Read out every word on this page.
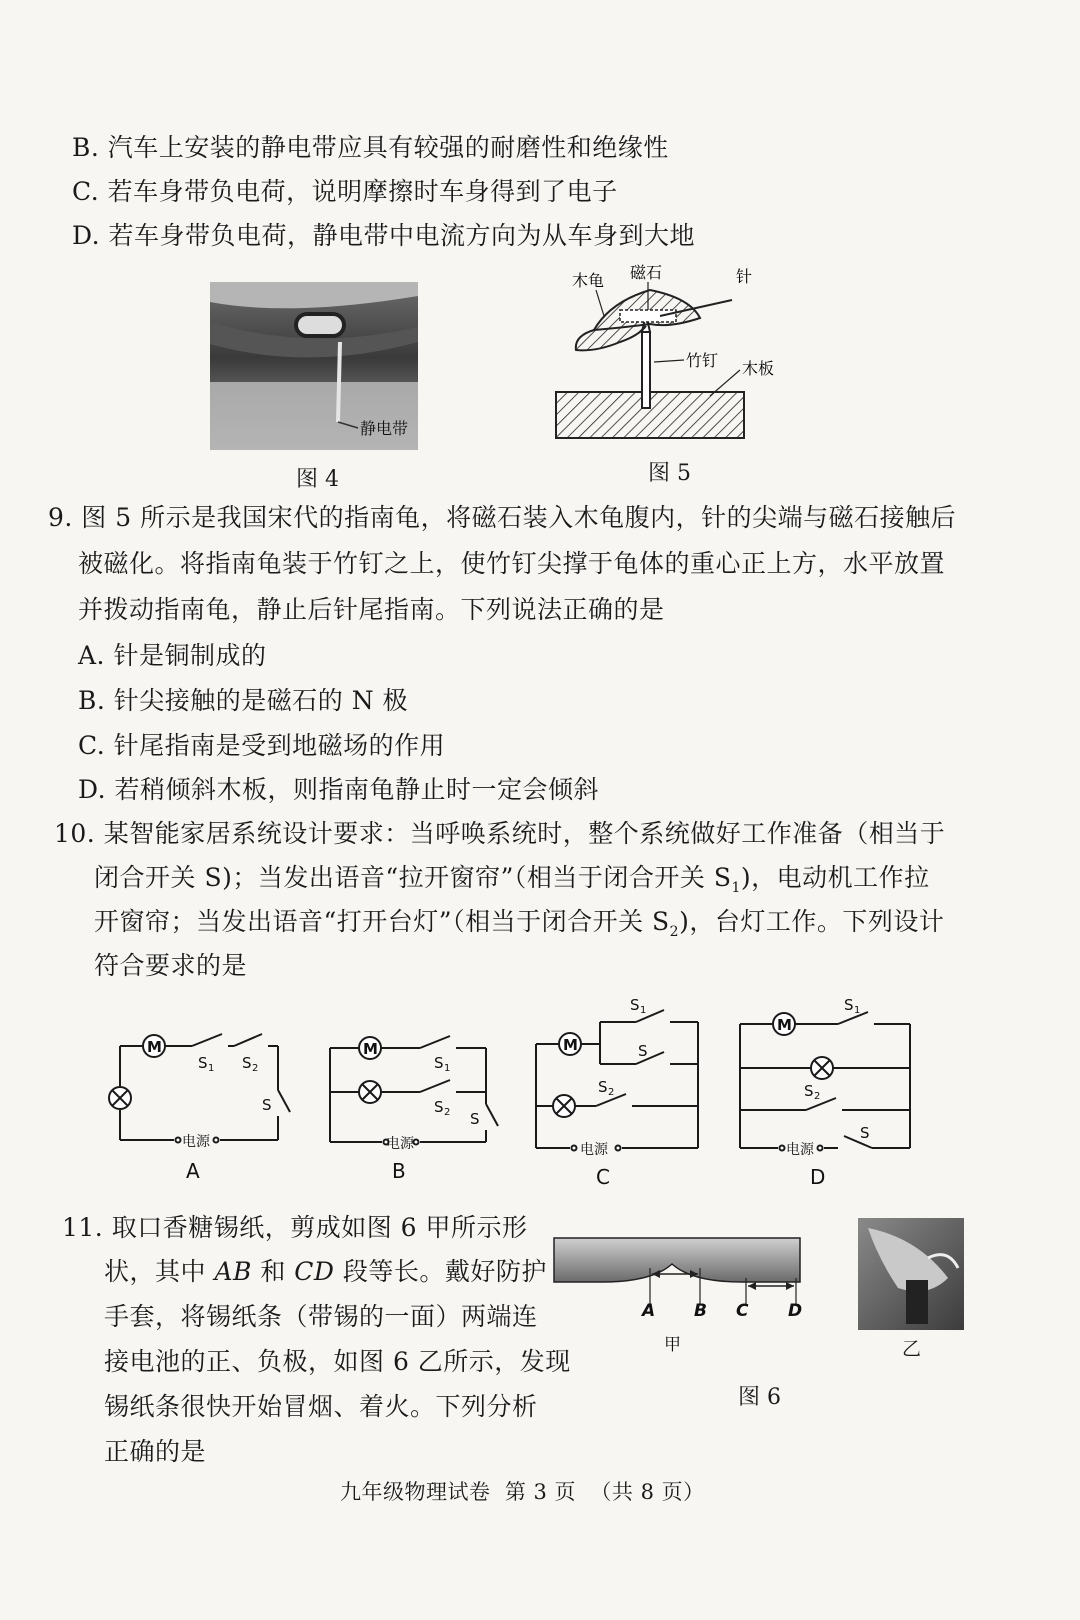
B. 汽车上安装的静电带应具有较强的耐磨性和绝缘性
C. 若车身带负电荷，说明摩擦时车身得到了电子
D. 若车身带负电荷，静电带中电流方向为从车身到大地
静电带
图 4
木龟 磁石	针
竹钉 木板
图 5
9. 图 5 所示是我国宋代的指南龟，将磁石装入木龟腹内，针的尖端与磁石接触后
被磁化。将指南龟装于竹钉之上，使竹钉尖撑于龟体的重心正上方，水平放置
并拨动指南龟，静止后针尾指南。下列说法正确的是
A. 针是铜制成的
B. 针尖接触的是磁石的 N 极
C. 针尾指南是受到地磁场的作用
D. 若稍倾斜木板，则指南龟静止时一定会倾斜
10. 某智能家居系统设计要求：当呼唤系统时，整个系统做好工作准备（相当于
闭合开关 S)；当发出语音“拉开窗帘”（相当于闭合开关 $S_1$)，电动机工作拉
开窗帘；当发出语音“打开台灯”（相当于闭合开关 $S_2$)，台灯工作。下列设计
符合要求的是
M
电源
S 1 S 2
S
A
M
电源
S 1
S 2 S
B
M
电源
S 1
S
S 2
C
M
电源
S 1
S 2
S
D
11. 取口香糖锡纸，剪成如图 6 甲所示形
状，其中 AB 和 CD 段等长。戴好防护
手套，将锡纸条（带锡的一面）两端连
接电池的正、负极，如图 6 乙所示，发现
锡纸条很快开始冒烟、着火。下列分析
正确的是
A B C D
甲	乙
图 6
九年级物理试卷  第 3 页  （共 8 页）
